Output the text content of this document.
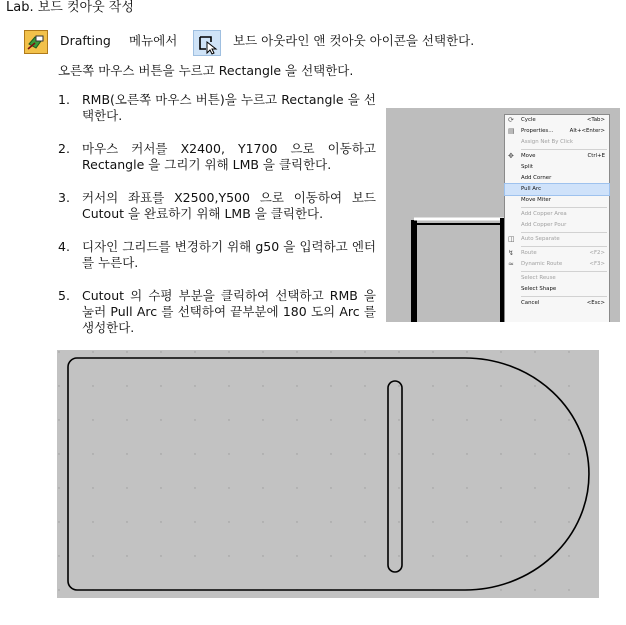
Lab. 보드 컷아웃 작성
Drafting 메뉴에서	보드 아웃라인 앤 컷아웃 아이콘을 선택한다.
오른쪽 마우스 버튼을 누르고 Rectangle 을 선택한다.
1. RMB(오른쪽 마우스 버튼)을 누르고 Rectangle 을 선택한다.
2. 마우스 커서를 X2400, Y1700 으로 이동하고 Rectangle 을 그리기 위해 LMB 을 클릭한다.
3. 커서의 좌표를 X2500,Y500 으로 이동하여 보드 Cutout 을 완료하기 위해 LMB 을 클릭한다.
4. 디자인 그리드를 변경하기 위해 g50 을 입력하고 엔터를 누른다.
5. Cutout 의 수평 부분을 클릭하여 선택하고 RMB 을 눌러 Pull Arc 를 선택하여 끝부분에 180 도의 Arc 를 생성한다.
⟳ Cycle	<Tab>
▤ Properties...	Alt+<Enter>
Assign Net By Click
✥ Move	Ctrl+E
Split
Add Corner
Pull Arc
Move Miter
Add Copper Area
Add Copper Pour
◫ Auto Separate
↯ Route	<F2>
≈ Dynamic Route	<F3>
Select Reuse
Select Shape
Cancel	<Esc>
